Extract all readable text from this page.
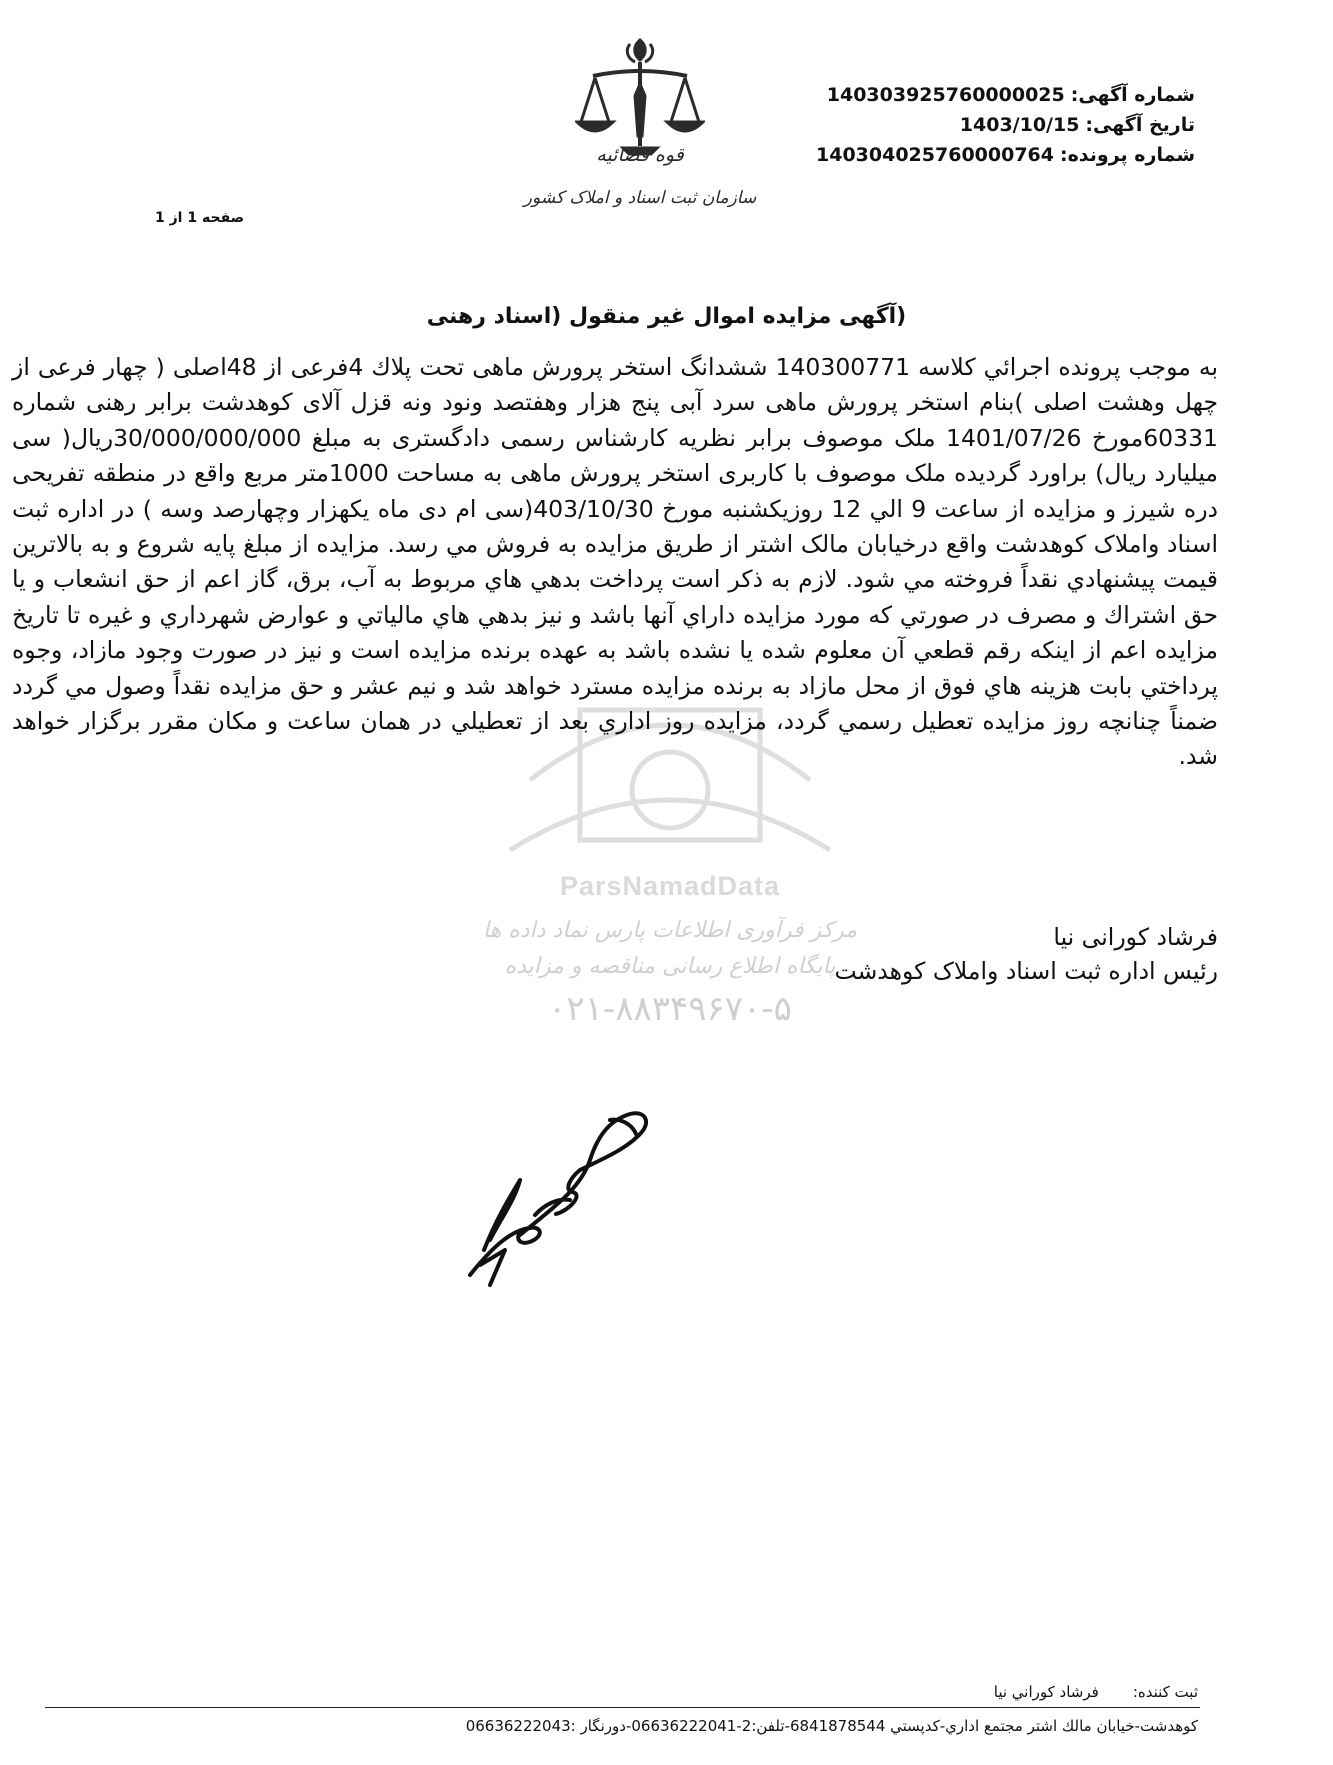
شماره آگهی:140303925760000025
تاریخ آگهی:1403/10/15
شماره پرونده:140304025760000764
قوه قضائیه
سازمان ثبت اسناد و املاک کشور
صفحه 1 از 1
(آگهی مزایده اموال غیر منقول (اسناد رهنی
ParsNamadData
مرکز فرآوری اطلاعات پارس نماد داده ها
پایگاه اطلاع رسانی مناقصه و مزایده
۰۲۱-۸۸۳۴۹۶۷۰-۵

به موجب پرونده اجرائي كلاسه 140300771 ششدانگ استخر پرورش ماهی تحت پلاك 4فرعی از 48اصلی ( چهار فرعی از چهل وهشت اصلی )بنام استخر پرورش ماهی سرد آبی پنج هزار وهفتصد ونود ونه قزل آلای کوهدشت برابر رهنی شماره 60331مورخ 1401/07/26 ملک موصوف برابر نظریه کارشناس رسمی دادگستری به مبلغ 30/000/000/000ريال( سی میلیارد ریال) براورد گردیده ملک موصوف با کاربری استخر پرورش ماهی به مساحت 1000متر مربع واقع در منطقه تفریحی دره شیرز و مزايده از ساعت 9 الي 12 روزيكشنبه مورخ 403/10/30(سی ام دی ماه یکهزار وچهارصد وسه ) در اداره ثبت اسناد واملاک کوهدشت واقع درخیابان مالک اشتر از طريق مزايده به فروش مي رسد. مزايده از مبلغ پايه شروع و به بالاترين قيمت پيشنهادي نقداً فروخته مي شود. لازم به ذكر است پرداخت بدهي هاي مربوط به آب، برق، گاز اعم از حق انشعاب و يا حق اشتراك و مصرف در صورتي كه مورد مزايده داراي آنها باشد و نيز بدهي هاي مالياتي و عوارض شهرداري و غيره تا تاريخ مزايده اعم از اينكه رقم قطعي آن معلوم شده يا نشده باشد به عهده برنده مزايده است و نيز در صورت وجود مازاد، وجوه پرداختي بابت هزينه هاي فوق از محل مازاد به برنده مزايده مسترد خواهد شد و نيم عشر و حق مزايده نقداً وصول مي گردد ضمناً چنانچه روز مزايده تعطيل رسمي گردد، مزايده روز اداري بعد از تعطيلي در همان ساعت و مكان مقرر برگزار خواهد شد.

فرشاد کورانی نیا
رئیس اداره ثبت اسناد واملاک کوهدشت
ثبت کننده:فرشاد کوراني نيا
كوهدشت-خيابان مالك اشتر مجتمع اداري-كدپستي 6841878544-تلفن:2-06636222041-دورنگار :06636222043
